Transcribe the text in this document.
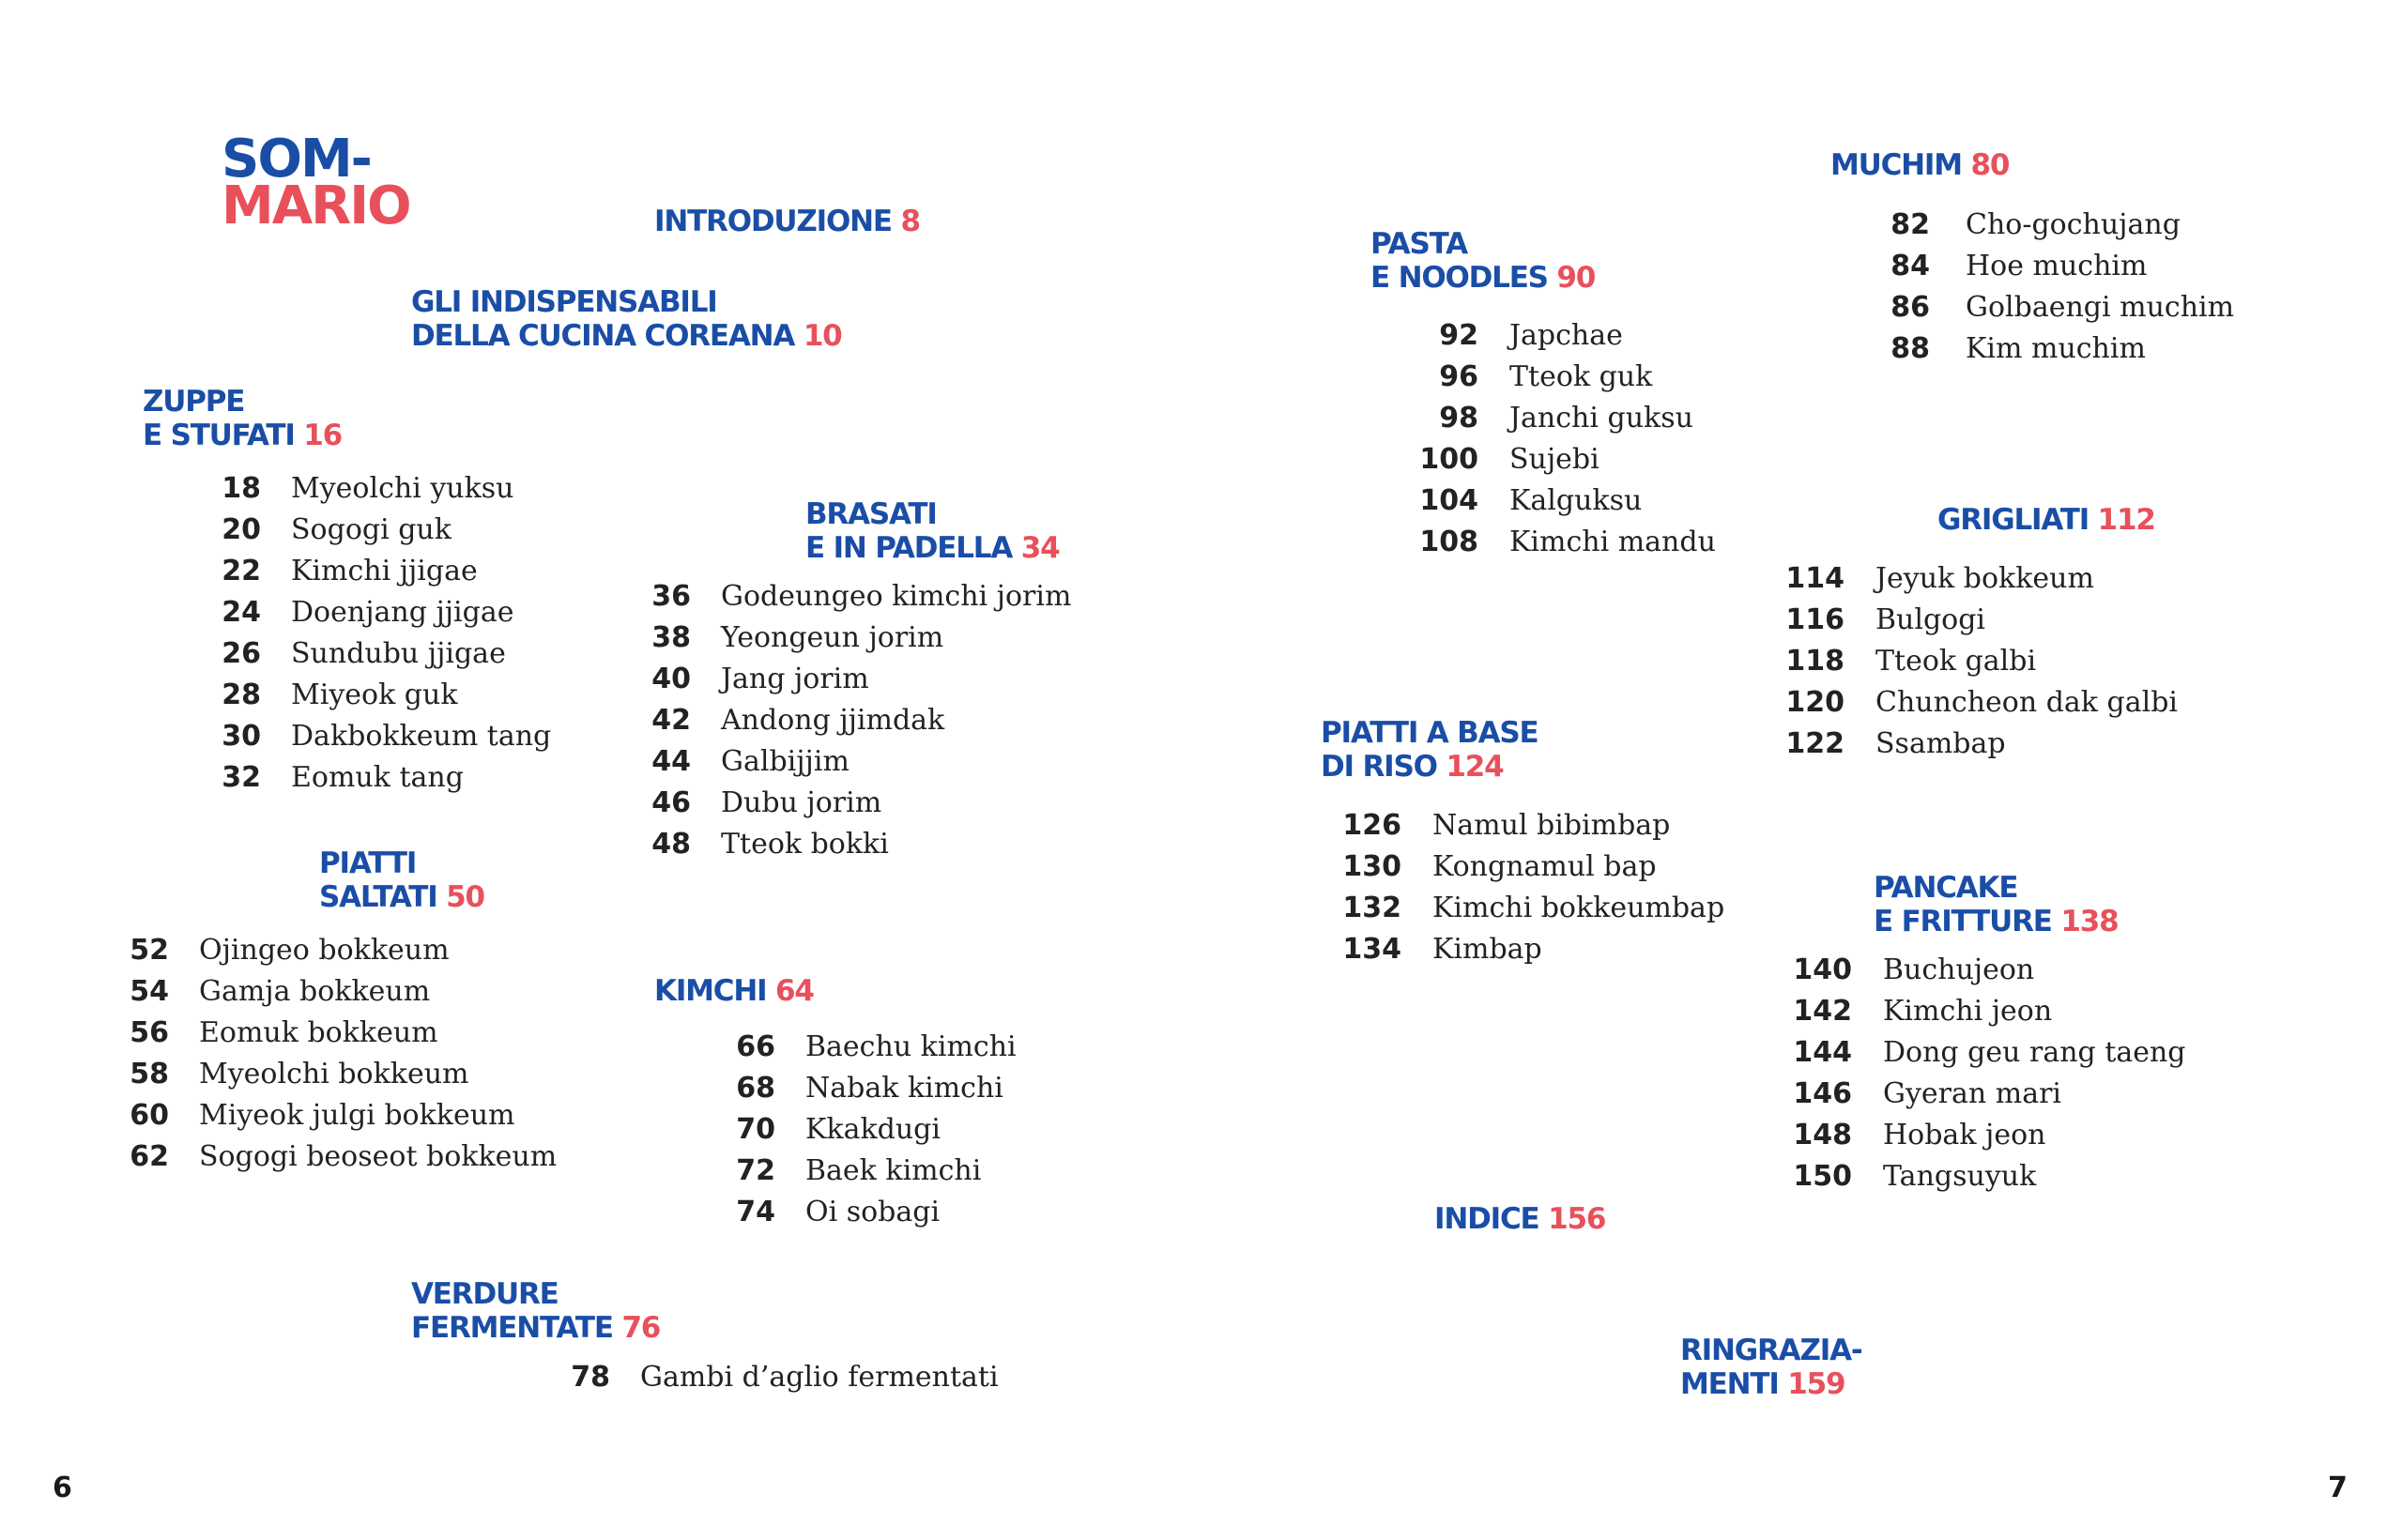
SOM-
MARIO	INTRODUZIONE 8
GLI INDISPENSABILI
DELLA CUCINA COREANA 10
ZUPPE
E STUFATI 16
18 Myeolchi yuksu
20 Sogogi guk
22 Kimchi jjigae
24 Doenjang jjigae
26 Sundubu jjigae
28 Miyeok guk
30 Dakbokkeum tang
32 Eomuk tang
BRASATI
E IN PADELLA 34
36 Godeungeo kimchi jorim
38 Yeongeun jorim
40 Jang jorim
42 Andong jjimdak
44 Galbijjim
46 Dubu jorim
48 Tteok bokki
PIATTI
SALTATI 50
52 Ojingeo bokkeum
54 Gamja bokkeum
56 Eomuk bokkeum
58 Myeolchi bokkeum
60 Miyeok julgi bokkeum
62 Sogogi beoseot bokkeum
KIMCHI 64
66 Baechu kimchi
68 Nabak kimchi
70 Kkakdugi
72 Baek kimchi
74 Oi sobagi
VERDURE
FERMENTATE 76
78 Gambi d’aglio fermentati
MUCHIM 80
82 Cho-gochujang
84 Hoe muchim
86 Golbaengi muchim
88 Kim muchim
PASTA
E NOODLES 90
92 Japchae
96 Tteok guk
98 Janchi guksu
100 Sujebi
104 Kalguksu
108 Kimchi mandu
GRIGLIATI 112
114 Jeyuk bokkeum
116 Bulgogi
118 Tteok galbi
120 Chuncheon dak galbi
122 Ssambap
PIATTI A BASE
DI RISO 124
126 Namul bibimbap
130 Kongnamul bap
132 Kimchi bokkeumbap
134 Kimbap
PANCAKE
E FRITTURE 138
140 Buchujeon
142 Kimchi jeon
144 Dong geu rang taeng
146 Gyeran mari
148 Hobak jeon
150 Tangsuyuk
INDICE 156
RINGRAZIA-
MENTI 159
6	7
